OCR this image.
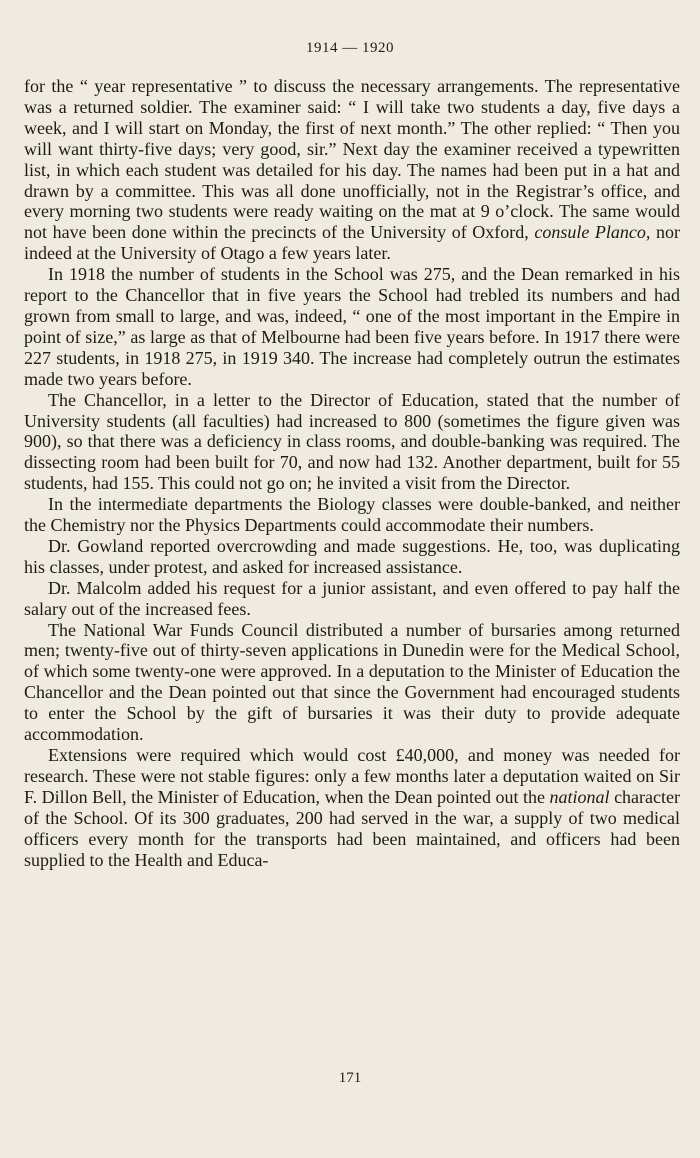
1914 — 1920

for the “ year representative ” to discuss the necessary arrangements. The representative was a returned soldier. The examiner said: “ I will take two students a day, five days a week, and I will start on Monday, the first of next month.” The other replied: “ Then you will want thirty-five days; very good, sir.” Next day the examiner received a typewritten list, in which each student was detailed for his day. The names had been put in a hat and drawn by a committee. This was all done unofficially, not in the Registrar’s office, and every morning two students were ready waiting on the mat at 9 o’clock. The same would not have been done within the precincts of the University of Oxford, consule Planco, nor indeed at the University of Otago a few years later.

In 1918 the number of students in the School was 275, and the Dean remarked in his report to the Chancellor that in five years the School had trebled its numbers and had grown from small to large, and was, indeed, “ one of the most important in the Empire in point of size,” as large as that of Melbourne had been five years before. In 1917 there were 227 students, in 1918 275, in 1919 340. The increase had completely outrun the estimates made two years before.

The Chancellor, in a letter to the Director of Education, stated that the number of University students (all faculties) had increased to 800 (sometimes the figure given was 900), so that there was a deficiency in class rooms, and double-banking was required. The dissecting room had been built for 70, and now had 132. Another department, built for 55 students, had 155. This could not go on; he invited a visit from the Director.

In the intermediate departments the Biology classes were double-banked, and neither the Chemistry nor the Physics Departments could accommodate their numbers.

Dr. Gowland reported overcrowding and made suggestions. He, too, was duplicating his classes, under protest, and asked for increased assistance.

Dr. Malcolm added his request for a junior assistant, and even offered to pay half the salary out of the increased fees.

The National War Funds Council distributed a number of bursaries among returned men; twenty-five out of thirty-seven applications in Dunedin were for the Medical School, of which some twenty-one were approved. In a deputation to the Minister of Education the Chancellor and the Dean pointed out that since the Government had encouraged students to enter the School by the gift of bursaries it was their duty to provide adequate accommodation.

Extensions were required which would cost £40,000, and money was needed for research. These were not stable figures: only a few months later a deputation waited on Sir F. Dillon Bell, the Minister of Education, when the Dean pointed out the national character of the School. Of its 300 graduates, 200 had served in the war, a supply of two medical officers every month for the transports had been maintained, and officers had been supplied to the Health and Educa-

171
